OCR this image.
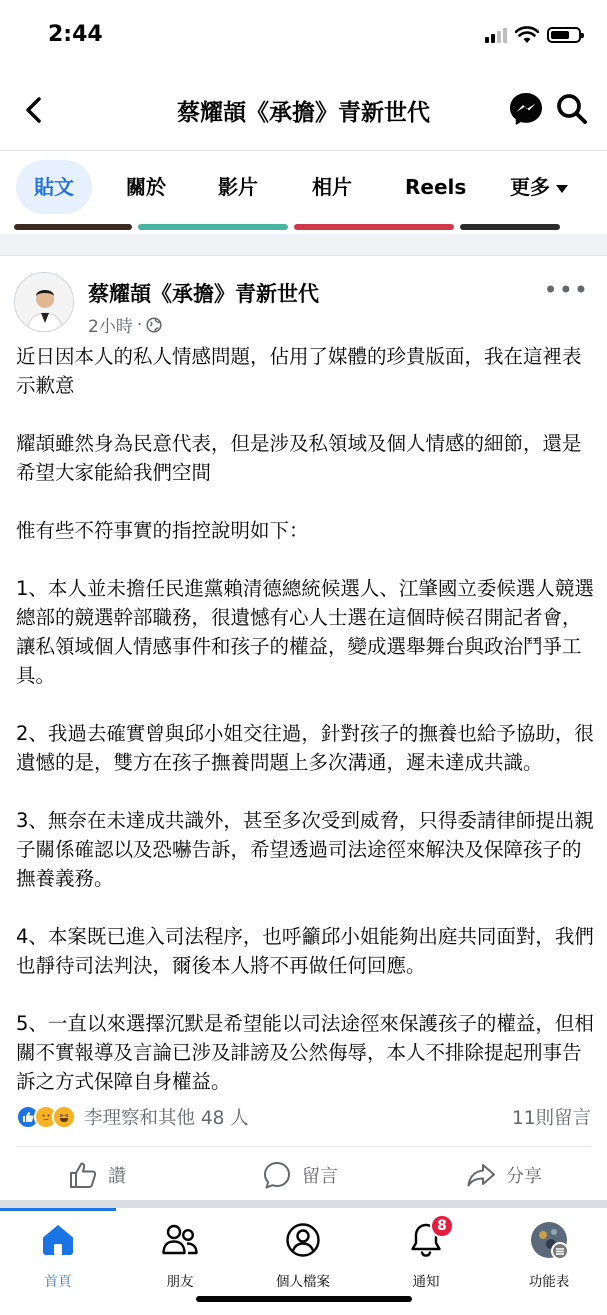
2:44
蔡耀頡《承擔》青新世代
貼文	關於	影片	相片	Reels 更多
蔡耀頡《承擔》青新世代
2小時 ·
•••

近日因本人的私人情感問題，佔用了媒體的珍貴版面，我在這裡表示歉意

耀頡雖然身為民意代表，但是涉及私領域及個人情感的細節，還是希望大家能給我們空間

惟有些不符事實的指控說明如下：

1、本人並未擔任民進黨賴清德總統候選人、江肇國立委候選人競選總部的競選幹部職務，很遺憾有心人士選在這個時候召開記者會，讓私領域個人情感事件和孩子的權益，變成選舉舞台與政治鬥爭工具。

2、我過去確實曾與邱小姐交往過，針對孩子的撫養也給予協助，很遺憾的是，雙方在孩子撫養問題上多次溝通，遲未達成共識。

3、無奈在未達成共識外，甚至多次受到威脅，只得委請律師提出親子關係確認以及恐嚇告訴，希望透過司法途徑來解決及保障孩子的撫養義務。

4、本案既已進入司法程序，也呼籲邱小姐能夠出庭共同面對，我們也靜待司法判決，爾後本人將不再做任何回應。

5、一直以來選擇沉默是希望能以司法途徑來保護孩子的權益，但相關不實報導及言論已涉及誹謗及公然侮辱，本人不排除提起刑事告訴之方式保障自身權益。

李理察和其他 48 人	11則留言
讚	留言	分享
首頁	朋友	個人檔案
8
通知	功能表
